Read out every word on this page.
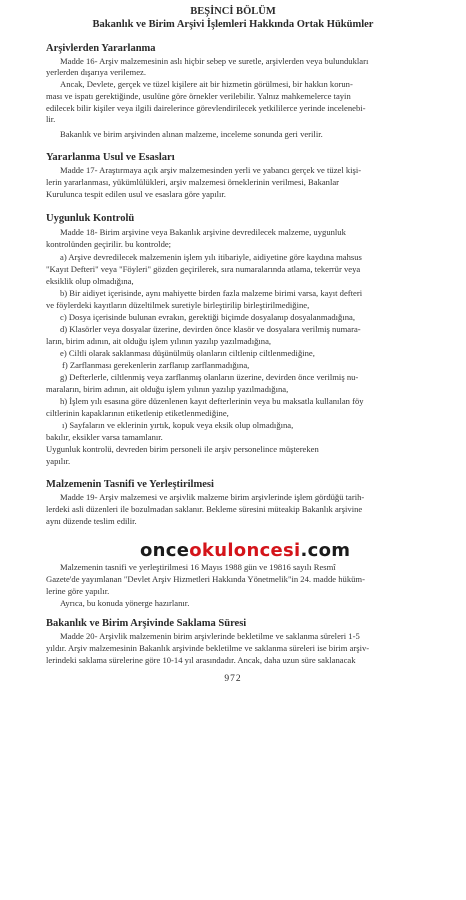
BEŞİNCİ BÖLÜM
Bakanlık ve Birim Arşivi İşlemleri Hakkında Ortak Hükümler
Arşivlerden Yararlanma
Madde 16- Arşiv malzemesinin aslı hiçbir sebep ve suretle, arşivlerden veya bulundukları
yerlerden dışarıya verilemez.
Ancak, Devlete, gerçek ve tüzel kişilere ait bir hizmetin görülmesi, bir hakkın korun-
ması ve ispatı gerektiğinde, usulüne göre örnekler verilebilir. Yalnız mahkemelerce tayin
edilecek bilir kişiler veya ilgili dairelerince görevlendirilecek yetkililerce yerinde incelenebi-
lir.
Bakanlık ve birim arşivinden alınan malzeme, inceleme sonunda geri verilir.
Yararlanma Usul ve Esasları
Madde 17- Araştırmaya açık arşiv malzemesinden yerli ve yabancı gerçek ve tüzel kişi-
lerin yararlanması, yükümlülükleri, arşiv malzemesi örneklerinin verilmesi, Bakanlar
Kurulunca tespit edilen usul ve esaslara göre yapılır.
Uygunluk Kontrolü
Madde 18- Birim arşivine veya Bakanlık arşivine devredilecek malzeme, uygunluk
kontrolünden geçirilir. bu kontrolde;
a) Arşive devredilecek malzemenin işlem yılı itibariyle, aidiyetine göre kaydına mahsus
"Kayıt Defteri" veya "Föyleri" gözden geçirilerek, sıra numaralarında atlama, tekerrür veya
eksiklik olup olmadığına,
b) Bir aidiyet içerisinde, aynı mahiyette birden fazla malzeme birimi varsa, kayıt defteri
ve föylerdeki kayıtların düzeltilmek suretiyle birleştirilip birleştirilmediğine,
c) Dosya içerisinde bulunan evrakın, gerektiği biçimde dosyalanıp dosyalanmadığına,
d) Klasörler veya dosyalar üzerine, devirden önce klasör ve dosyalara verilmiş numara-
ların, birim adının, ait olduğu işlem yılının yazılıp yazılmadığına,
e) Ciltli olarak saklanması düşünülmüş olanların ciltlenip ciltlenmediğine,
f) Zarflanması gerekenlerin zarflanıp zarflanmadığına,
g) Defterlerle, ciltlenmiş veya zarflanmış olanların üzerine, devirden önce verilmiş nu-
maraların, birim adının, ait olduğu işlem yılının yazılıp yazılmadığına,
h) İşlem yılı esasına göre düzenlenen kayıt defterlerinin veya bu maksatla kullanılan föy
ciltlerinin kapaklarının etiketlenip etiketlenmediğine,
ı) Sayfaların ve eklerinin yırtık, kopuk veya eksik olup olmadığına,
bakılır, eksikler varsa tamamlanır.
Uygunluk kontrolü, devreden birim personeli ile arşiv personelince müştereken
yapılır.
Malzemenin Tasnifi ve Yerleştirilmesi
Madde 19- Arşiv malzemesi ve arşivlik malzeme birim arşivlerinde işlem gördüğü tarih-
lerdeki asli düzenleri ile bozulmadan saklanır. Bekleme süresini müteakip Bakanlık arşivine
aynı düzende teslim edilir.
Malzemenin tasnifi ve yerleştirilmesi 16 Mayıs 1988 gün ve 19816 sayılı Resmî
Gazete'de yayımlanan "Devlet Arşiv Hizmetleri Hakkında Yönetmelik"in 24. madde hüküm-
lerine göre yapılır.
Ayrıca, bu konuda yönerge hazırlanır.
Bakanlık ve Birim Arşivinde Saklama Süresi
Madde 20- Arşivlik malzemenin birim arşivlerinde bekletilme ve saklanma süreleri 1-5
yıldır. Arşiv malzemesinin Bakanlık arşivinde bekletilme ve saklanma süreleri ise birim arşiv-
lerindeki saklama sürelerine göre 10-14 yıl arasındadır. Ancak, daha uzun süre saklanacak
onceokuloncesi.com
972
